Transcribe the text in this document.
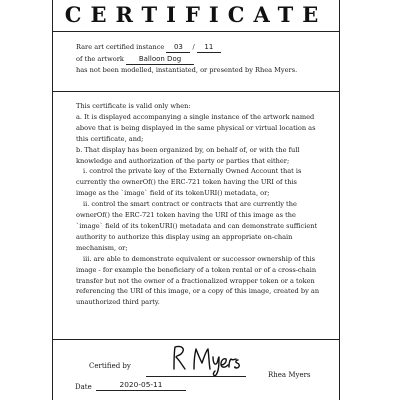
CERTIFICATE
Rare art certified instance 03 / 11
of the artwork Balloon Dog
has not been modelled, instantiated, or presented by Rhea Myers.
This certificate is valid only when:
a. It is displayed accompanying a single instance of the artwork named
above that is being displayed in the same physical or virtual location as
this certificate, and;
b. That display has been organized by, on behalf of, or with the full
knowledge and authorization of the party or parties that either;
i. control the private key of the Externally Owned Account that is
currently the ownerOf() the ERC-721 token having the URI of this
image as the `image` field of its tokenURI() metadata, or;
ii. control the smart contract or contracts that are currently the
ownerOf() the ERC-721 token having the URI of this image as the
`image` field of its tokenURI() metadata and can demonstrate sufficient
authority to authorize this display using an appropriate on-chain
mechanism, or;
iii. are able to demonstrate equivalent or successor ownership of this
image - for example the beneficiary of a token rental or of a cross-chain
transfer but not the owner of a fractionalized wrapper token or a token
referencing the URI of this image, or a copy of this image, created by an
unauthorized third party.
Certified by
Rhea Myers
Date	2020-05-11
